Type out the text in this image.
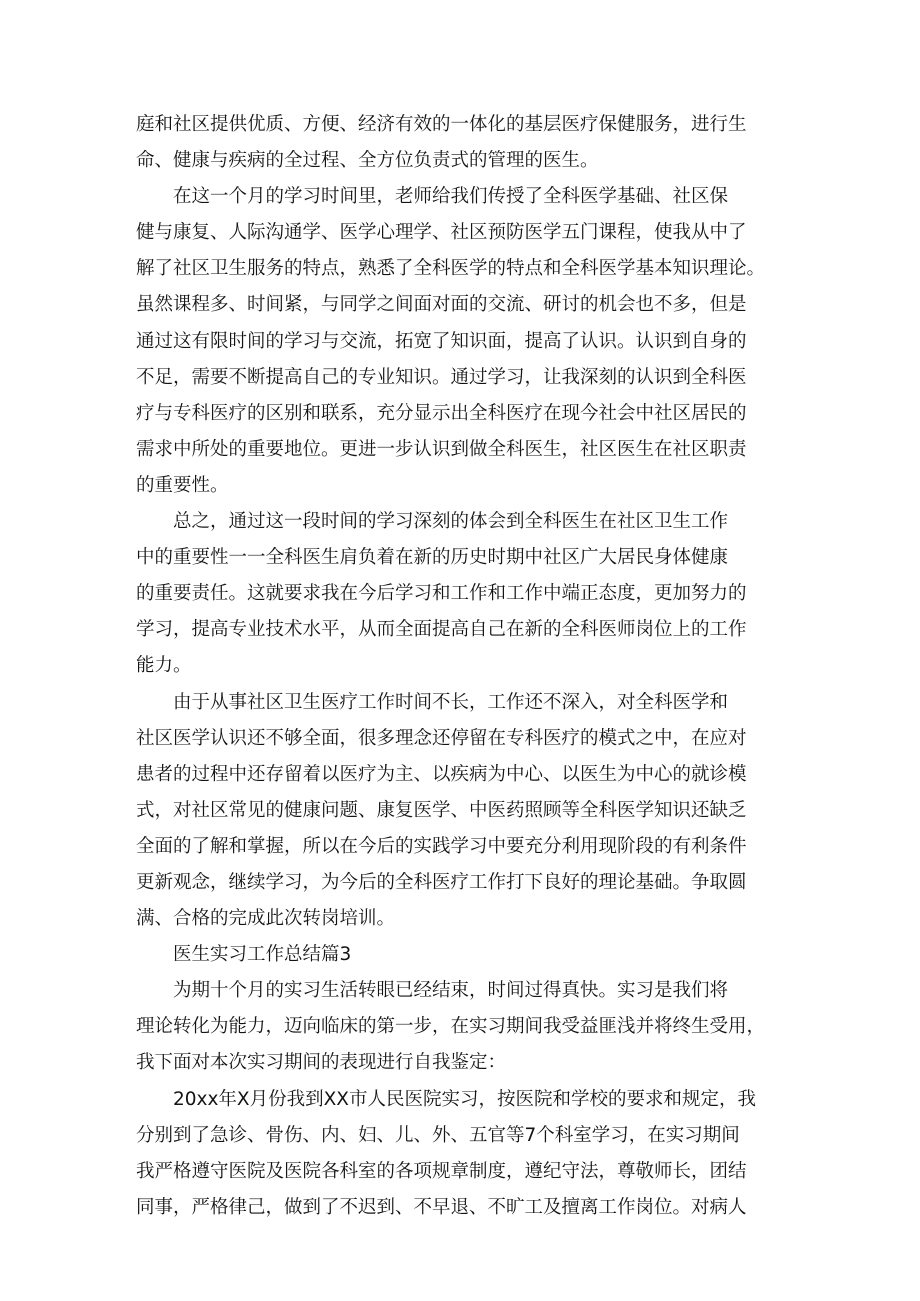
庭和社区提供优质、方便、经济有效的一体化的基层医疗保健服务，进行生
命、健康与疾病的全过程、全方位负责式的管理的医生。
在这一个月的学习时间里，老师给我们传授了全科医学基础、社区保
健与康复、人际沟通学、医学心理学、社区预防医学五门课程，使我从中了
解了社区卫生服务的特点，熟悉了全科医学的特点和全科医学基本知识理论。
虽然课程多、时间紧，与同学之间面对面的交流、研讨的机会也不多，但是
通过这有限时间的学习与交流，拓宽了知识面，提高了认识。认识到自身的
不足，需要不断提高自己的专业知识。通过学习，让我深刻的认识到全科医
疗与专科医疗的区别和联系，充分显示出全科医疗在现今社会中社区居民的
需求中所处的重要地位。更进一步认识到做全科医生，社区医生在社区职责
的重要性。
总之，通过这一段时间的学习深刻的体会到全科医生在社区卫生工作
中的重要性一一全科医生肩负着在新的历史时期中社区广大居民身体健康
的重要责任。这就要求我在今后学习和工作和工作中端正态度，更加努力的
学习，提高专业技术水平，从而全面提高自己在新的全科医师岗位上的工作
能力。
由于从事社区卫生医疗工作时间不长，工作还不深入，对全科医学和
社区医学认识还不够全面，很多理念还停留在专科医疗的模式之中，在应对
患者的过程中还存留着以医疗为主、以疾病为中心、以医生为中心的就诊模
式，对社区常见的健康问题、康复医学、中医药照顾等全科医学知识还缺乏
全面的了解和掌握，所以在今后的实践学习中要充分利用现阶段的有利条件
更新观念，继续学习，为今后的全科医疗工作打下良好的理论基础。争取圆
满、合格的完成此次转岗培训。
医生实习工作总结篇3
为期十个月的实习生活转眼已经结束，时间过得真快。实习是我们将
理论转化为能力，迈向临床的第一步，在实习期间我受益匪浅并将终生受用，
我下面对本次实习期间的表现进行自我鉴定：
20xx年X月份我到XX市人民医院实习，按医院和学校的要求和规定，我
分别到了急诊、骨伤、内、妇、儿、外、五官等7个科室学习，在实习期间
我严格遵守医院及医院各科室的各项规章制度，遵纪守法，尊敬师长，团结
同事，严格律己，做到了不迟到、不早退、不旷工及擅离工作岗位。对病人
